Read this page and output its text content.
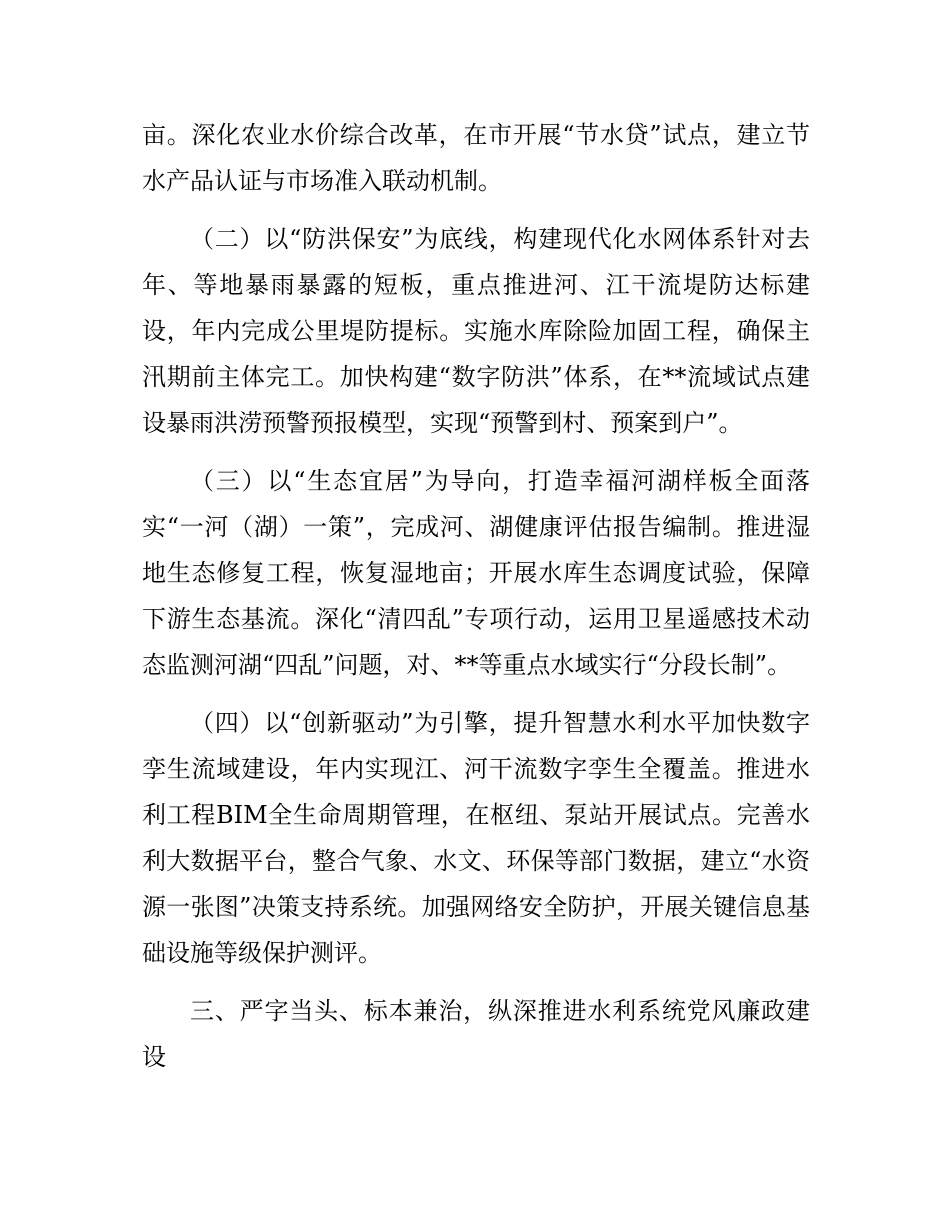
亩。深化农业水价综合改革，在市开展“节水贷”试点，建立节水产品认证与市场准入联动机制。

（二）以“防洪保安”为底线，构建现代化水网体系针对去年、等地暴雨暴露的短板，重点推进河、江干流堤防达标建设，年内完成公里堤防提标。实施水库除险加固工程，确保主汛期前主体完工。加快构建“数字防洪”体系，在**流域试点建设暴雨洪涝预警预报模型，实现“预警到村、预案到户”。

（三）以“生态宜居”为导向，打造幸福河湖样板全面落实“一河（湖）一策”，完成河、湖健康评估报告编制。推进湿地生态修复工程，恢复湿地亩；开展水库生态调度试验，保障下游生态基流。深化“清四乱”专项行动，运用卫星遥感技术动态监测河湖“四乱”问题，对、**等重点水域实行“分段长制”。

（四）以“创新驱动”为引擎，提升智慧水利水平加快数字孪生流域建设，年内实现江、河干流数字孪生全覆盖。推进水利工程BIM全生命周期管理，在枢纽、泵站开展试点。完善水利大数据平台，整合气象、水文、环保等部门数据，建立“水资源一张图”决策支持系统。加强网络安全防护，开展关键信息基础设施等级保护测评。

三、严字当头、标本兼治，纵深推进水利系统党风廉政建设
